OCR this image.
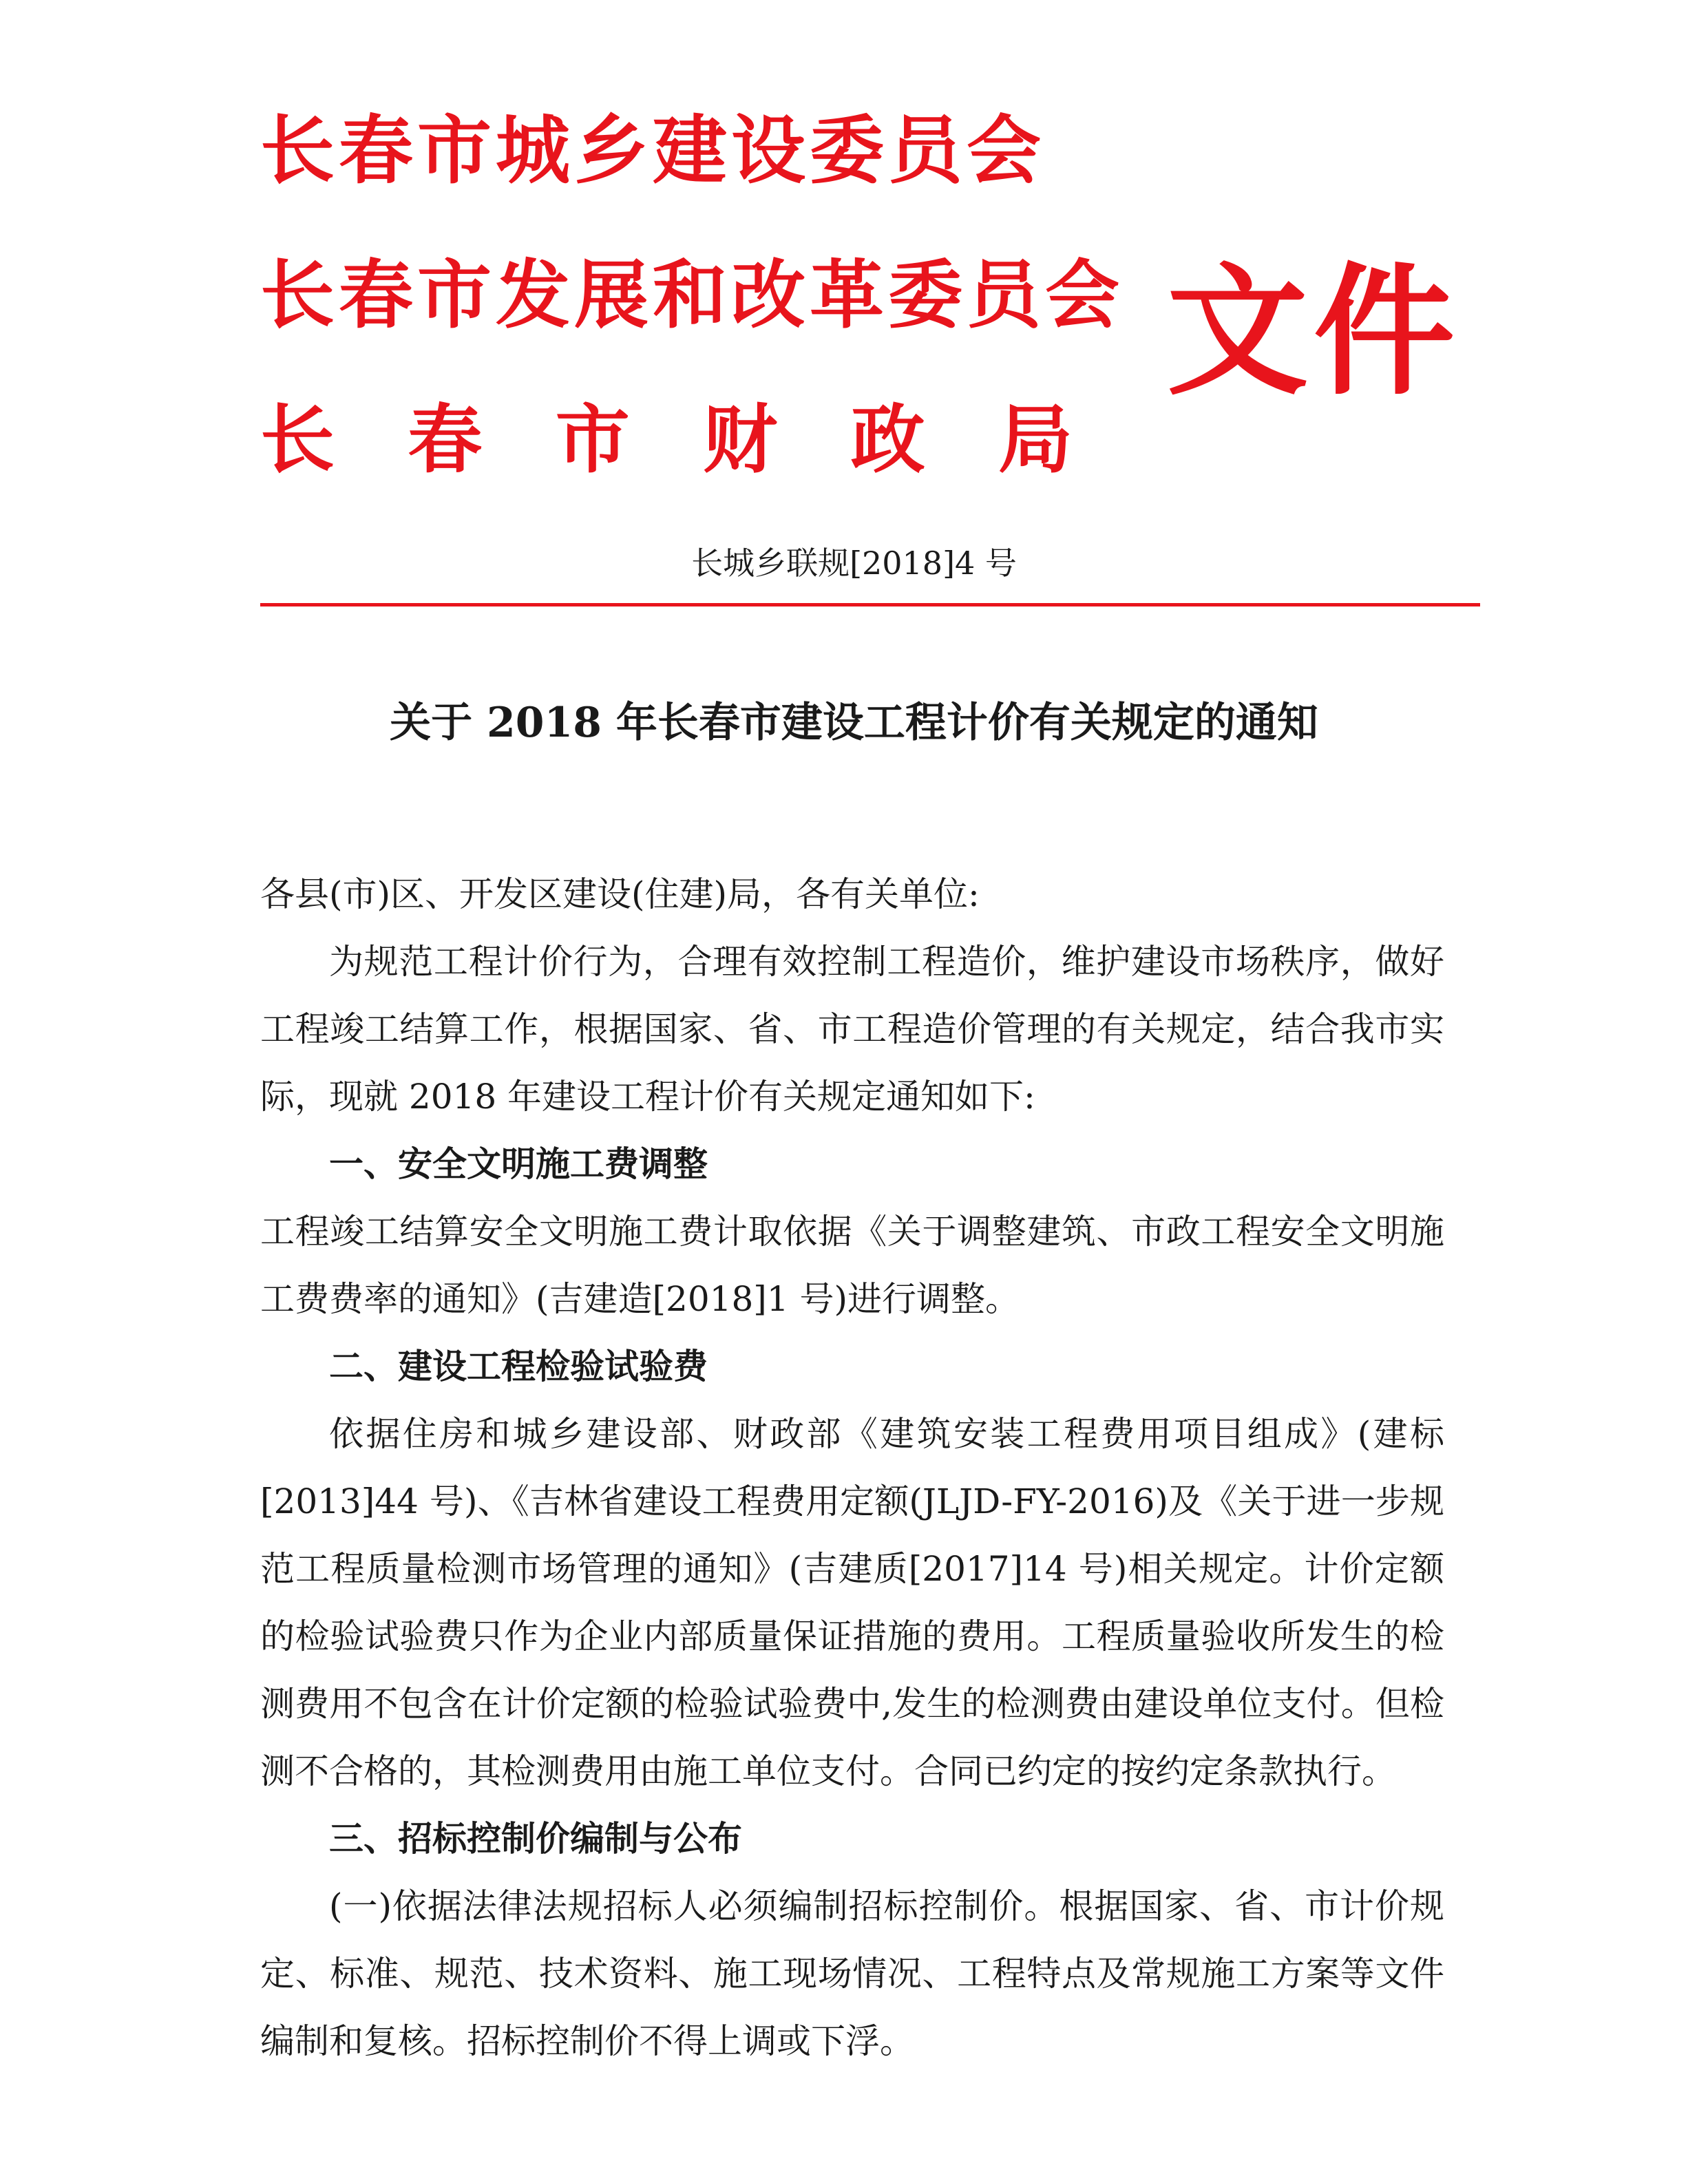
长春市城乡建设委员会
长春市发展和改革委员会
长 春 市 财 政 局
文件
长城乡联规[2018]4 号
关于 2018 年长春市建设工程计价有关规定的通知

各县(市)区、开发区建设(住建)局，各有关单位:

为规范工程计价行为，合理有效控制工程造价，维护建设市场秩序，做好工程竣工结算工作，根据国家、省、市工程造价管理的有关规定，结合我市实际，现就 2018 年建设工程计价有关规定通知如下:

一、安全文明施工费调整

工程竣工结算安全文明施工费计取依据《关于调整建筑、市政工程安全文明施工费费率的通知》(吉建造[2018]1 号)进行调整。

二、建设工程检验试验费

依据住房和城乡建设部、财政部《建筑安装工程费用项目组成》(建标[2013]44 号)、《吉林省建设工程费用定额(JLJD-FY-2016)及《关于进一步规范工程质量检测市场管理的通知》(吉建质[2017]14 号)相关规定。计价定额的检验试验费只作为企业内部质量保证措施的费用。工程质量验收所发生的检测费用不包含在计价定额的检验试验费中,发生的检测费由建设单位支付。但检测不合格的，其检测费用由施工单位支付。合同已约定的按约定条款执行。

三、招标控制价编制与公布

(一)依据法律法规招标人必须编制招标控制价。根据国家、省、市计价规定、标准、规范、技术资料、施工现场情况、工程特点及常规施工方案等文件编制和复核。招标控制价不得上调或下浮。
